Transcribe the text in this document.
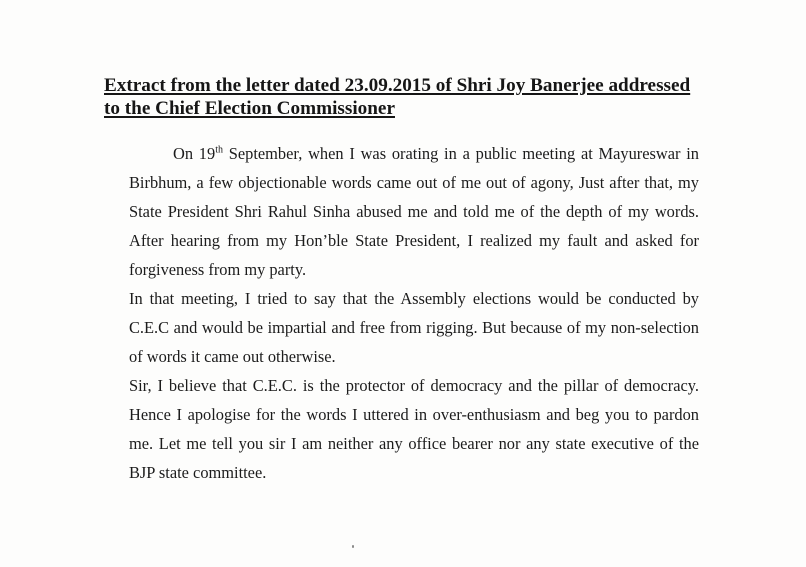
Extract from the letter dated 23.09.2015 of Shri Joy Banerjee addressed
to the Chief Election Commissioner

On 19th September, when I was orating in a public meeting at Mayureswar in Birbhum, a few objectionable words came out of me out of agony, Just after that, my State President Shri Rahul Sinha abused me and told me of the depth of my words. After hearing from my Hon’ble State President, I realized my fault and asked for forgiveness from my party.

In that meeting, I tried to say that the Assembly elections would be conducted by C.E.C and would be impartial and free from rigging. But because of my non-selection of words it came out otherwise.

Sir, I believe that C.E.C. is the protector of democracy and the pillar of democracy. Hence I apologise for the words I uttered in over-enthusiasm and beg you to pardon me. Let me tell you sir I am neither any office bearer nor any state executive of the BJP state committee.
